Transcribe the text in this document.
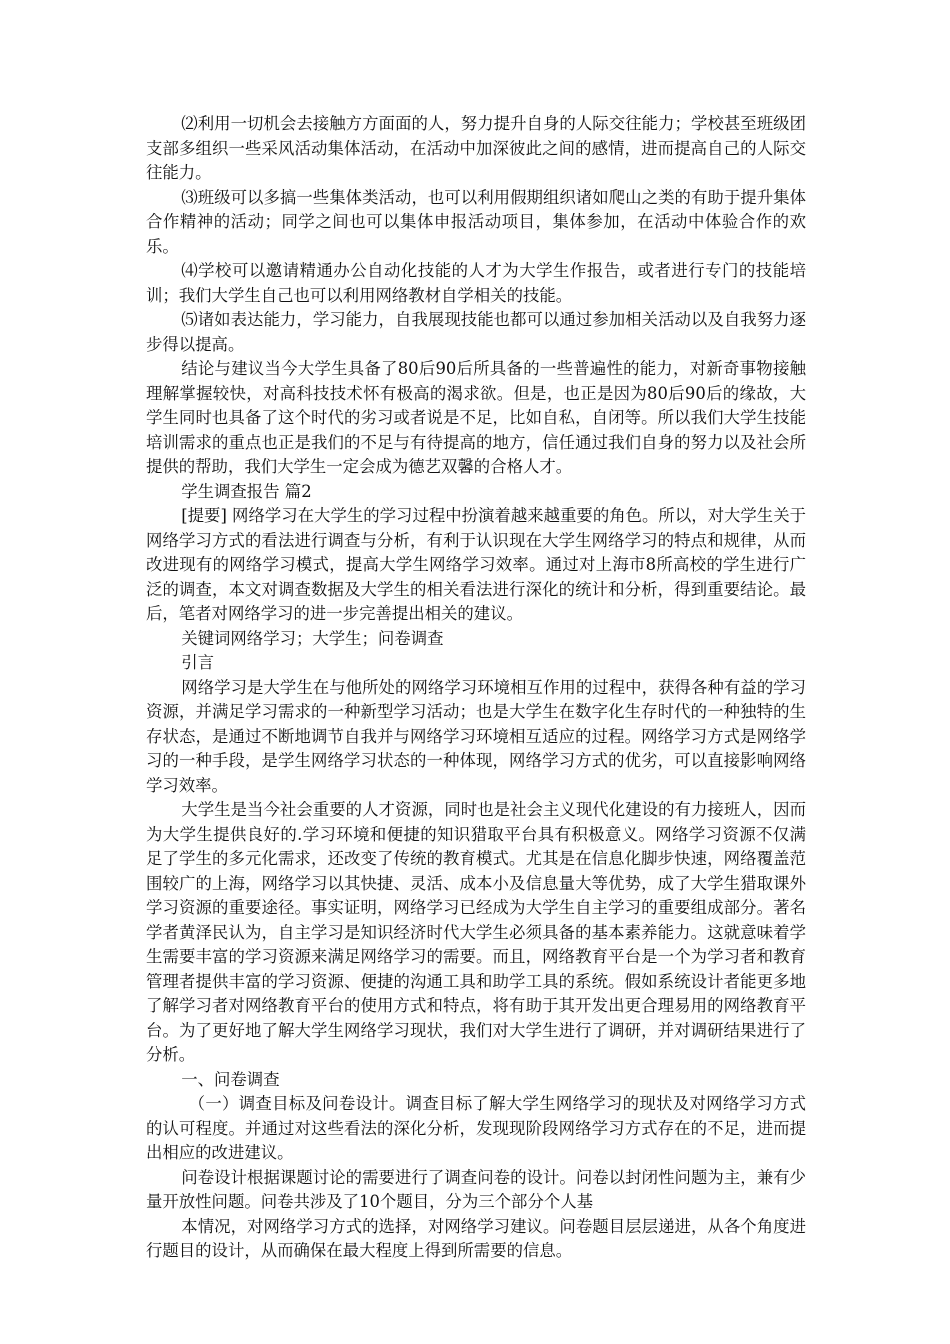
⑵利用一切机会去接触方方面面的人，努力提升自身的人际交往能力；学校甚至班级团支部多组织一些采风活动集体活动，在活动中加深彼此之间的感情，进而提高自己的人际交往能力。

⑶班级可以多搞一些集体类活动，也可以利用假期组织诸如爬山之类的有助于提升集体合作精神的活动；同学之间也可以集体申报活动项目，集体参加，在活动中体验合作的欢乐。

⑷学校可以邀请精通办公自动化技能的人才为大学生作报告，或者进行专门的技能培训；我们大学生自己也可以利用网络教材自学相关的技能。

⑸诸如表达能力，学习能力，自我展现技能也都可以通过参加相关活动以及自我努力逐步得以提高。

结论与建议当今大学生具备了80后90后所具备的一些普遍性的能力，对新奇事物接触理解掌握较快，对高科技技术怀有极高的渴求欲。但是，也正是因为80后90后的缘故，大学生同时也具备了这个时代的劣习或者说是不足，比如自私，自闭等。所以我们大学生技能培训需求的重点也正是我们的不足与有待提高的地方，信任通过我们自身的努力以及社会所提供的帮助，我们大学生一定会成为德艺双馨的合格人才。

学生调查报告 篇2

[提要] 网络学习在大学生的学习过程中扮演着越来越重要的角色。所以，对大学生关于网络学习方式的看法进行调查与分析，有利于认识现在大学生网络学习的特点和规律，从而改进现有的网络学习模式，提高大学生网络学习效率。通过对上海市8所高校的学生进行广泛的调查，本文对调查数据及大学生的相关看法进行深化的统计和分析，得到重要结论。最后，笔者对网络学习的进一步完善提出相关的建议。

关键词网络学习；大学生；问卷调查

引言

网络学习是大学生在与他所处的网络学习环境相互作用的过程中，获得各种有益的学习资源，并满足学习需求的一种新型学习活动；也是大学生在数字化生存时代的一种独特的生存状态，是通过不断地调节自我并与网络学习环境相互适应的过程。网络学习方式是网络学习的一种手段，是学生网络学习状态的一种体现，网络学习方式的优劣，可以直接影响网络学习效率。

大学生是当今社会重要的人才资源，同时也是社会主义现代化建设的有力接班人，因而为大学生提供良好的.学习环境和便捷的知识猎取平台具有积极意义。网络学习资源不仅满足了学生的多元化需求，还改变了传统的教育模式。尤其是在信息化脚步快速，网络覆盖范围较广的上海，网络学习以其快捷、灵活、成本小及信息量大等优势，成了大学生猎取课外学习资源的重要途径。事实证明，网络学习已经成为大学生自主学习的重要组成部分。著名学者黄泽民认为，自主学习是知识经济时代大学生必须具备的基本素养能力。这就意味着学生需要丰富的学习资源来满足网络学习的需要。而且，网络教育平台是一个为学习者和教育管理者提供丰富的学习资源、便捷的沟通工具和助学工具的系统。假如系统设计者能更多地了解学习者对网络教育平台的使用方式和特点，将有助于其开发出更合理易用的网络教育平台。为了更好地了解大学生网络学习现状，我们对大学生进行了调研，并对调研结果进行了分析。

一、问卷调查

（一）调查目标及问卷设计。调查目标了解大学生网络学习的现状及对网络学习方式的认可程度。并通过对这些看法的深化分析，发现现阶段网络学习方式存在的不足，进而提出相应的改进建议。

问卷设计根据课题讨论的需要进行了调查问卷的设计。问卷以封闭性问题为主，兼有少量开放性问题。问卷共涉及了10个题目，分为三个部分个人基

本情况，对网络学习方式的选择，对网络学习建议。问卷题目层层递进，从各个角度进行题目的设计，从而确保在最大程度上得到所需要的信息。
